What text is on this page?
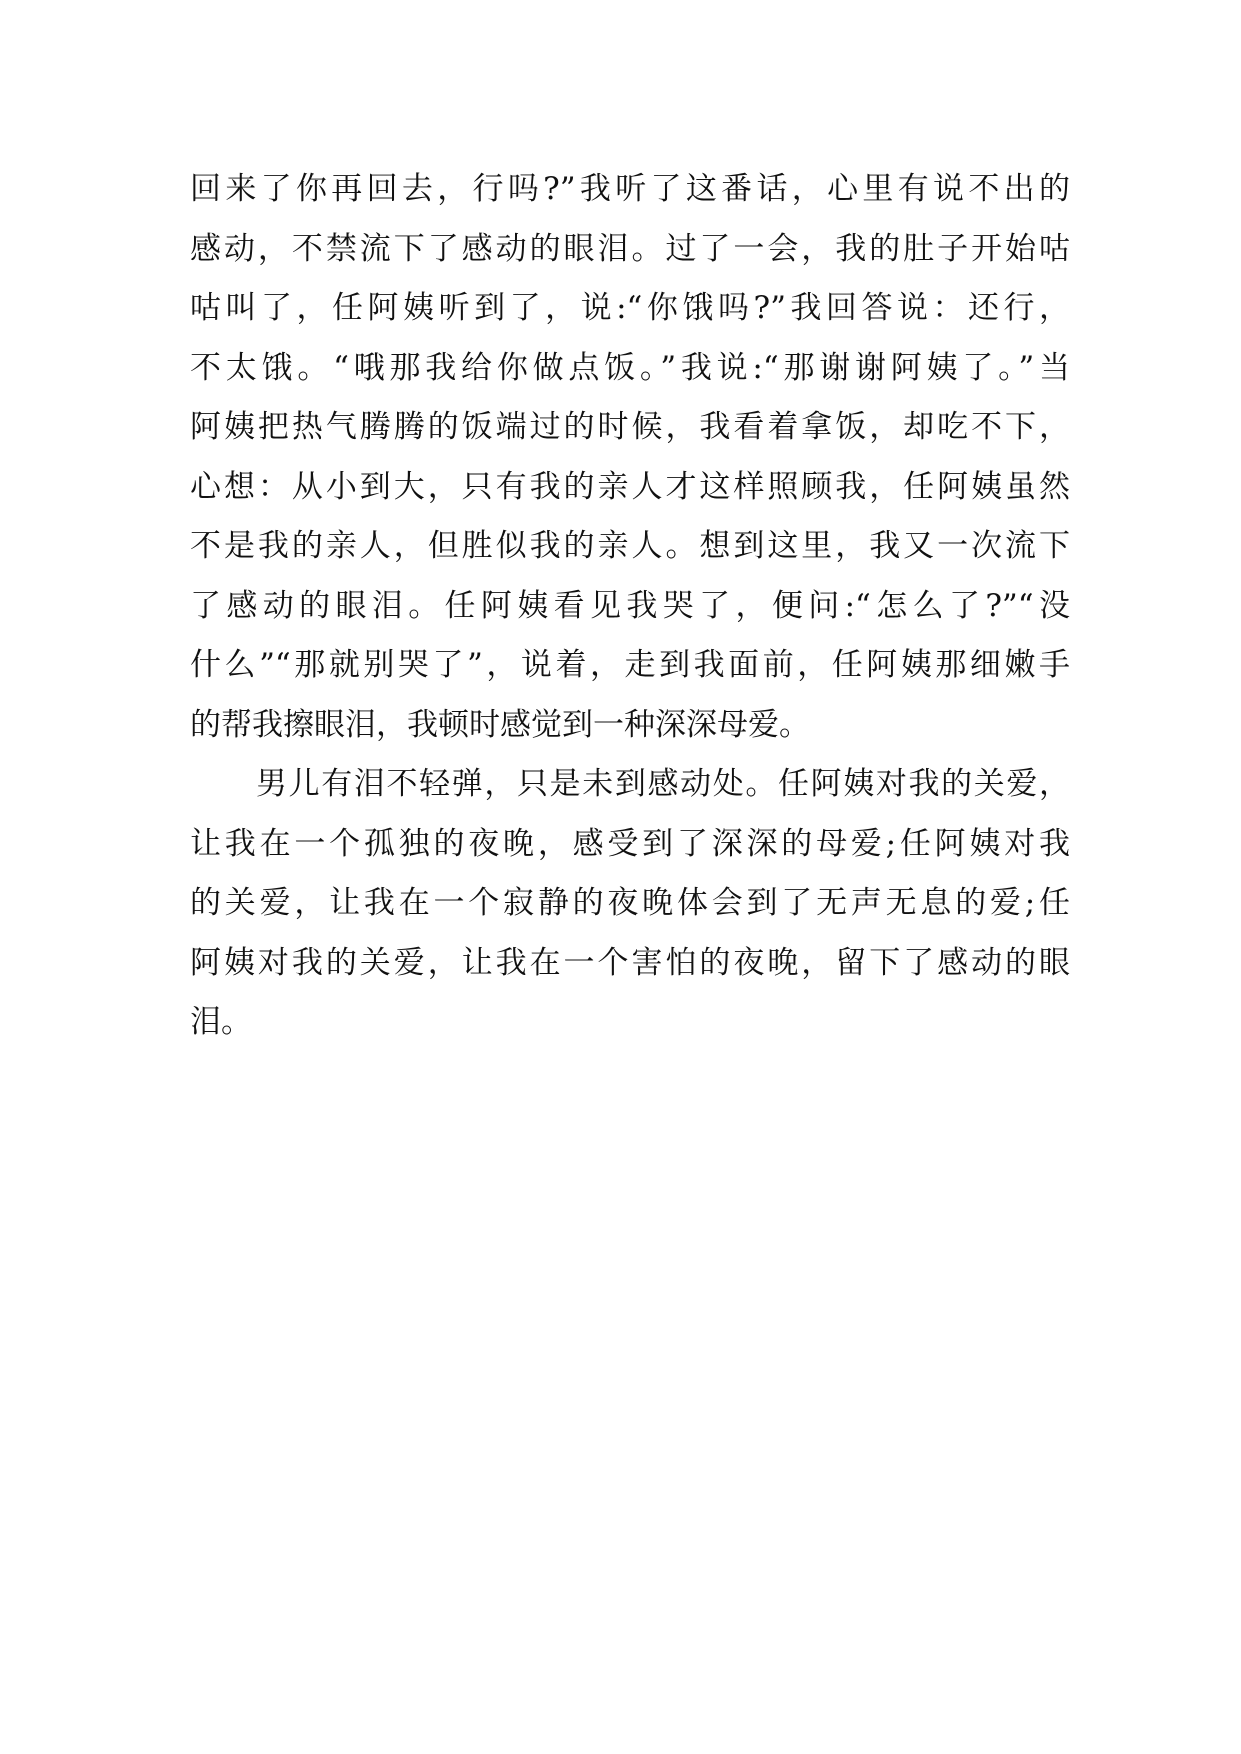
回来了你再回去，行吗?”我听了这番话，心里有说不出的
感动，不禁流下了感动的眼泪。过了一会，我的肚子开始咕
咕叫了，任阿姨听到了，说:“你饿吗?”我回答说：还行，
不太饿。“哦那我给你做点饭。”我说:“那谢谢阿姨了。”当
阿姨把热气腾腾的饭端过的时候，我看着拿饭，却吃不下，
心想：从小到大，只有我的亲人才这样照顾我，任阿姨虽然
不是我的亲人，但胜似我的亲人。想到这里，我又一次流下
了感动的眼泪。任阿姨看见我哭了，便问:“怎么了?”“没
什么”“那就别哭了”，说着，走到我面前，任阿姨那细嫩手
的帮我擦眼泪，我顿时感觉到一种深深母爱。
男儿有泪不轻弹，只是未到感动处。任阿姨对我的关爱，
让我在一个孤独的夜晚，感受到了深深的母爱;任阿姨对我
的关爱，让我在一个寂静的夜晚体会到了无声无息的爱;任
阿姨对我的关爱，让我在一个害怕的夜晚，留下了感动的眼
泪。
